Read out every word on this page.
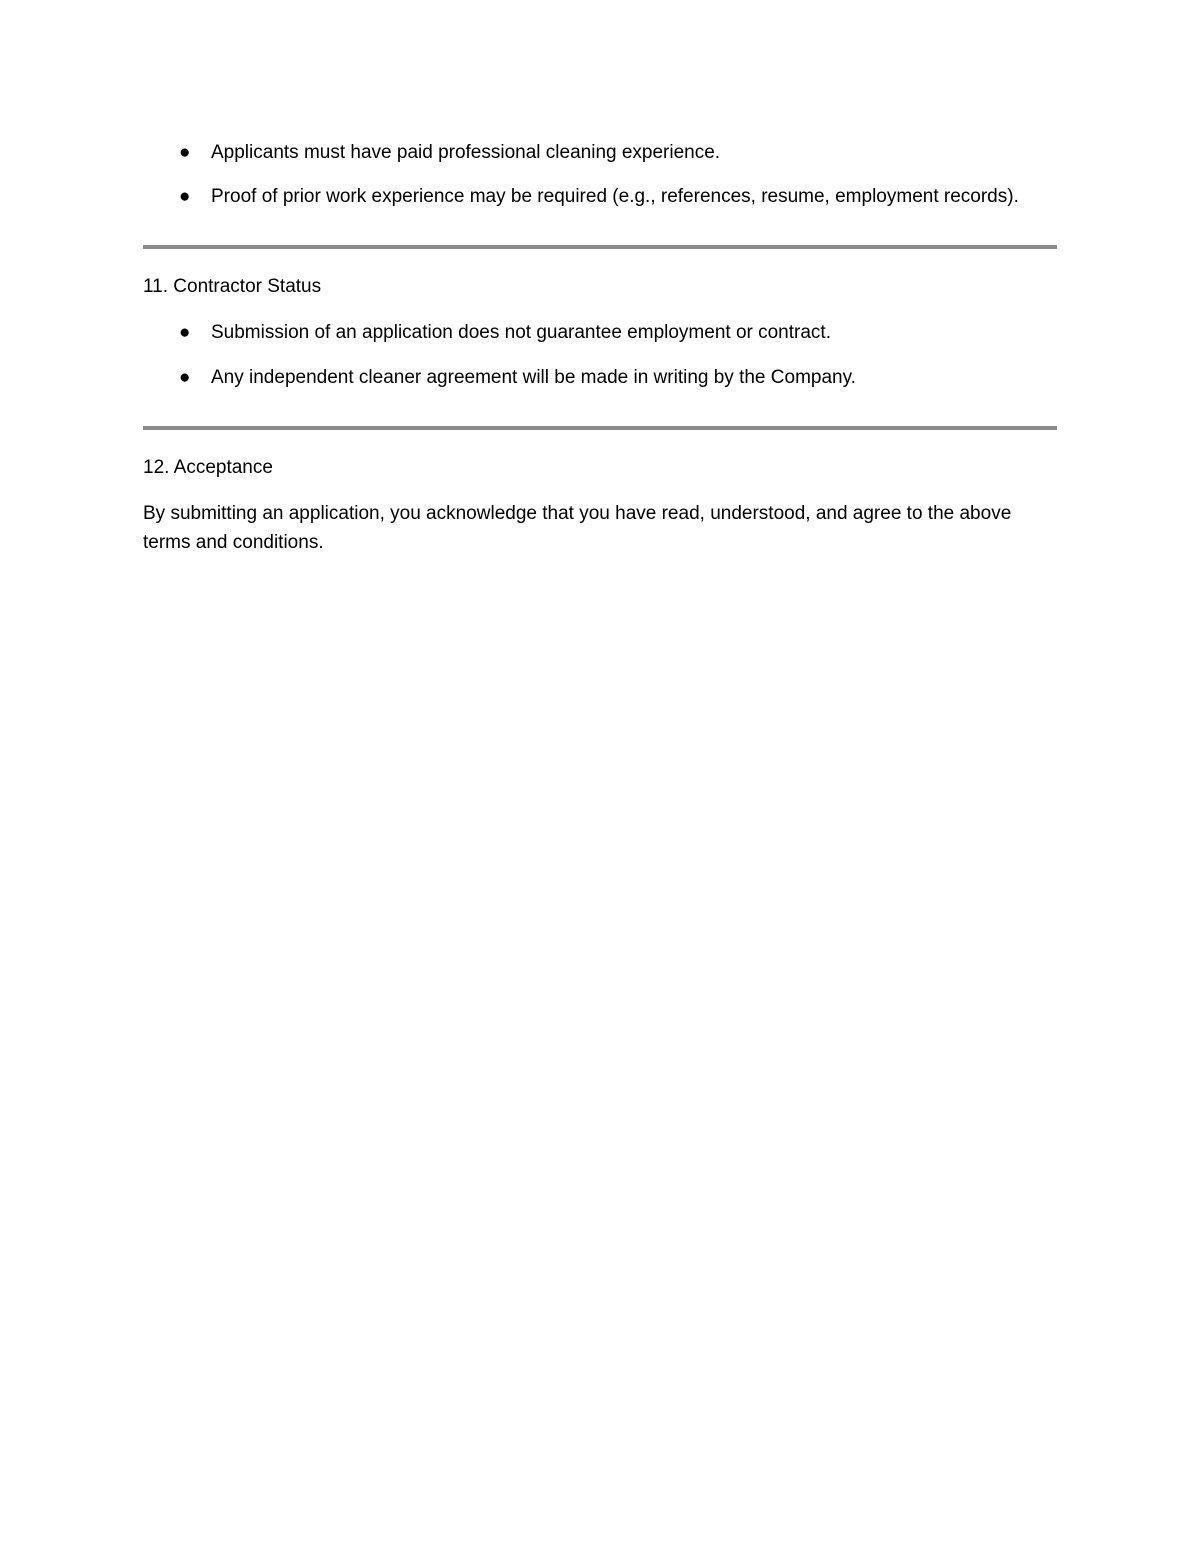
● Applicants must have paid professional cleaning experience.
● Proof of prior work experience may be required (e.g., references, resume, employment records).
11. Contractor Status
● Submission of an application does not guarantee employment or contract.
● Any independent cleaner agreement will be made in writing by the Company.
12. Acceptance

By submitting an application, you acknowledge that you have read, understood, and agree to the above terms and conditions.
